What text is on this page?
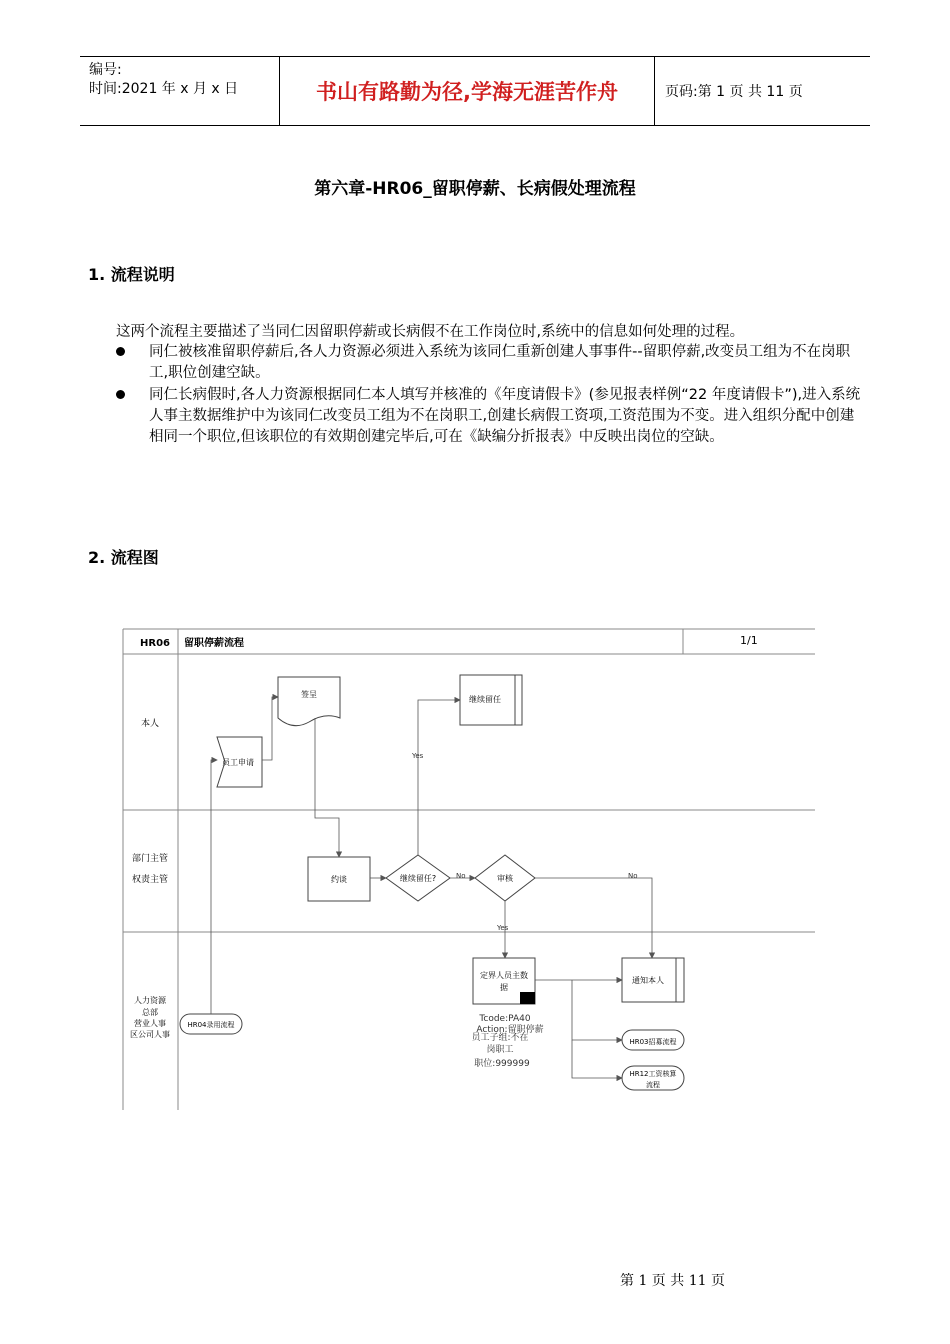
编号:
时间:2021 年 x 月 x 日	书山有路勤为径,学海无涯苦作舟	页码:第 1 页 共 11 页
第六章-HR06_留职停薪、长病假处理流程
1. 流程说明
这两个流程主要描述了当同仁因留职停薪或长病假不在工作岗位时,系统中的信息如何处理的过程。
同仁被核准留职停薪后,各人力资源必须进入系统为该同仁重新创建人事事件--留职停薪,改变员工组为不在岗职工,职位创建空缺。
同仁长病假时,各人力资源根据同仁本人填写并核准的《年度请假卡》(参见报表样例“22 年度请假卡”),进入系统人事主数据维护中为该同仁改变员工组为不在岗职工,创建长病假工资项,工资范围为不变。进入组织分配中创建相同一个职位,但该职位的有效期创建完毕后,可在《缺编分折报表》中反映出岗位的空缺。
2. 流程图
HR06 留职停薪流程	1/1
本人
部门主管
权责主管
人力资源
总部
营业人事
区公司人事
员工申请
签呈
继续留任
约谈	继续留任?	审核
定界人员主数
据
通知本人
HR04录用流程
HR03招募流程
HR12工资核算
流程
Yes
No	No
Yes
Tcode:PA40
Action:留职停薪
员工子组:不在
岗职工
职位:999999
第 1 页 共 11 页
